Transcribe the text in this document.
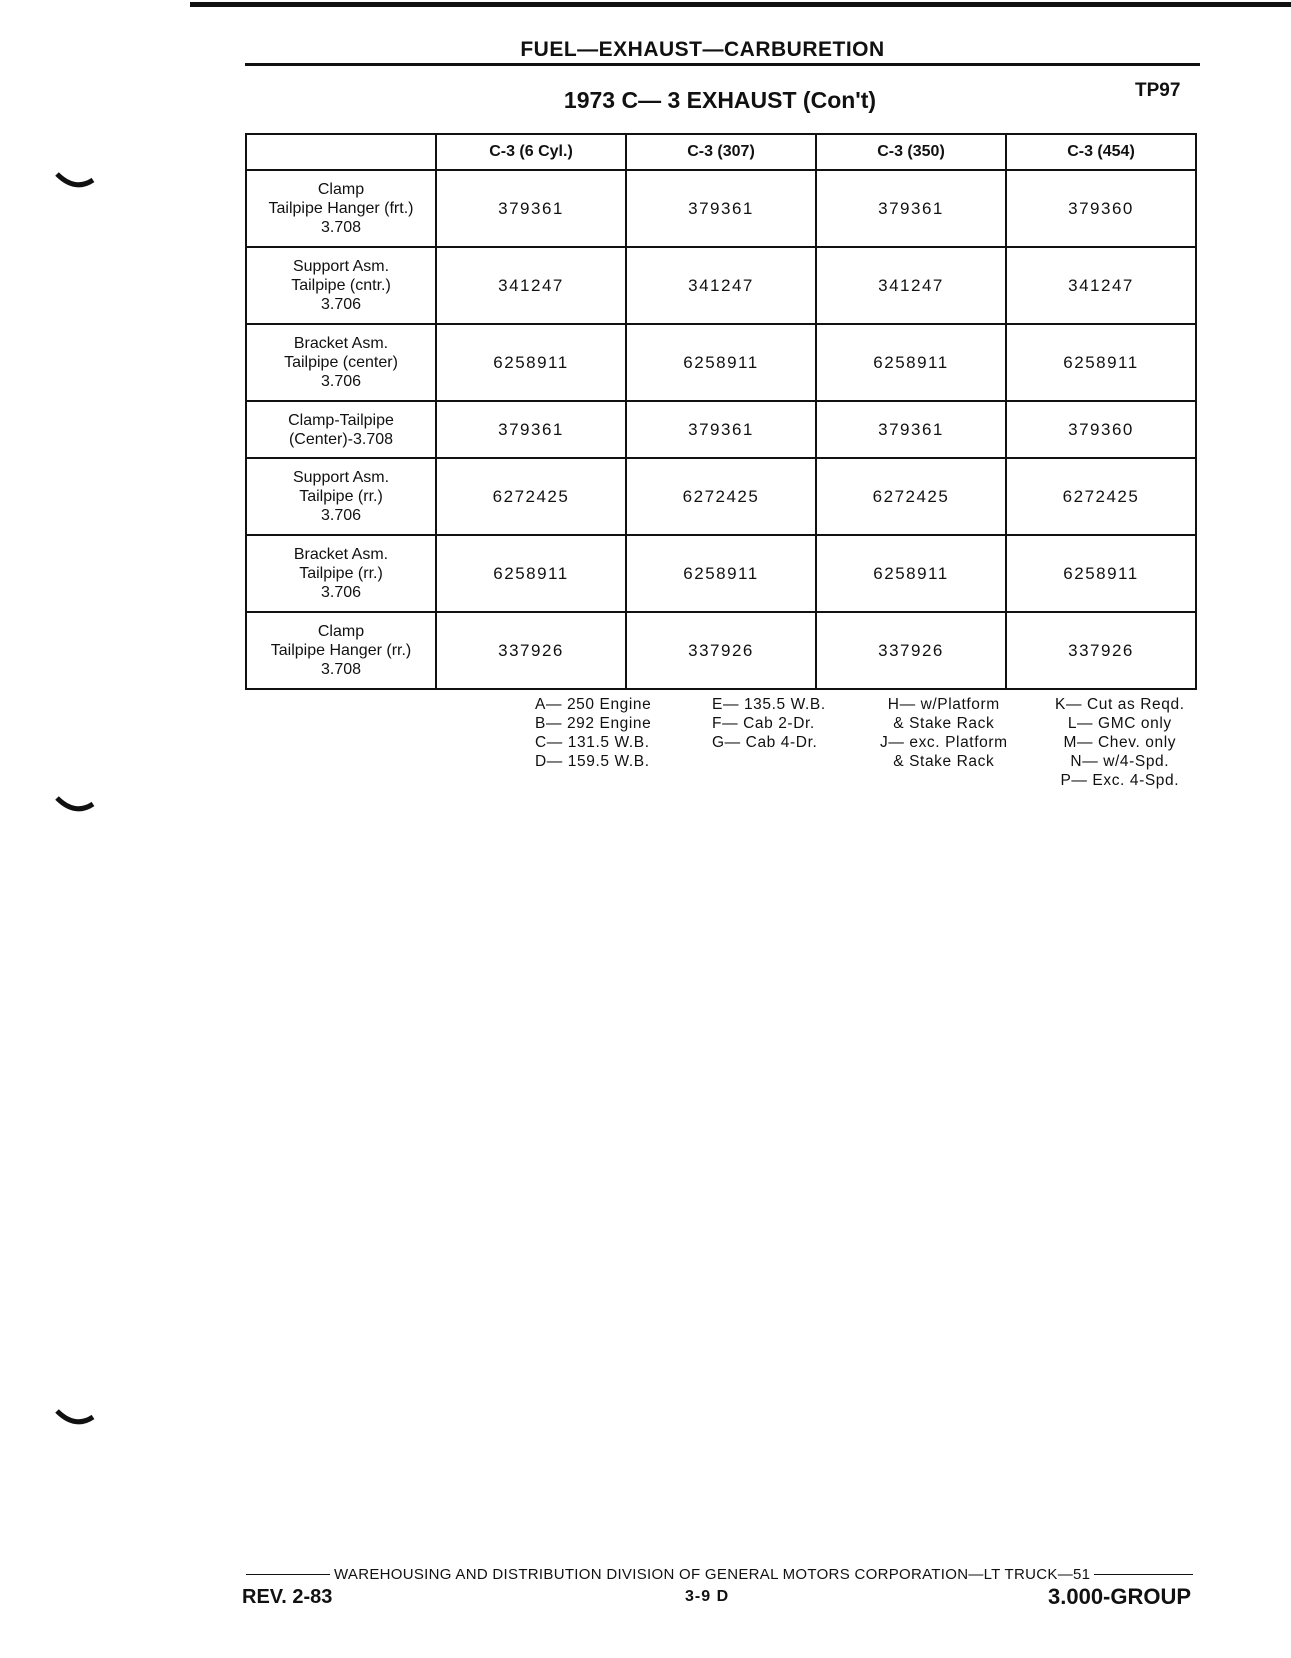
FUEL—EXHAUST—CARBURETION
1973 C— 3 EXHAUST (Con't)	TP97
	C-3 (6 Cyl.)	C-3 (307)	C-3 (350)	C-3 (454)

Clamp
Tailpipe Hanger (frt.)
3.708	379361	379361	379361	379360

Support Asm.
Tailpipe (cntr.)
3.706	341247	341247	341247	341247

Bracket Asm.
Tailpipe (center)
3.706	6258911	6258911	6258911	6258911

Clamp-Tailpipe
(Center)-3.708	379361	379361	379361	379360

Support Asm.
Tailpipe (rr.)
3.706	6272425	6272425	6272425	6272425

Bracket Asm.
Tailpipe (rr.)
3.706	6258911	6258911	6258911	6258911

Clamp
Tailpipe Hanger (rr.)
3.708	337926	337926	337926	337926
A— 250 Engine
B— 292 Engine
C— 131.5 W.B.
D— 159.5 W.B.
E— 135.5 W.B.
F— Cab 2-Dr.
G— Cab 4-Dr.
H— w/Platform
& Stake Rack
J— exc. Platform
& Stake Rack
K— Cut as Reqd.
L— GMC only
M— Chev. only
N— w/4-Spd.
P— Exc. 4-Spd.
WAREHOUSING AND DISTRIBUTION DIVISION OF GENERAL MOTORS CORPORATION—LT TRUCK—51
REV. 2-83	3-9 D	3.000-GROUP
